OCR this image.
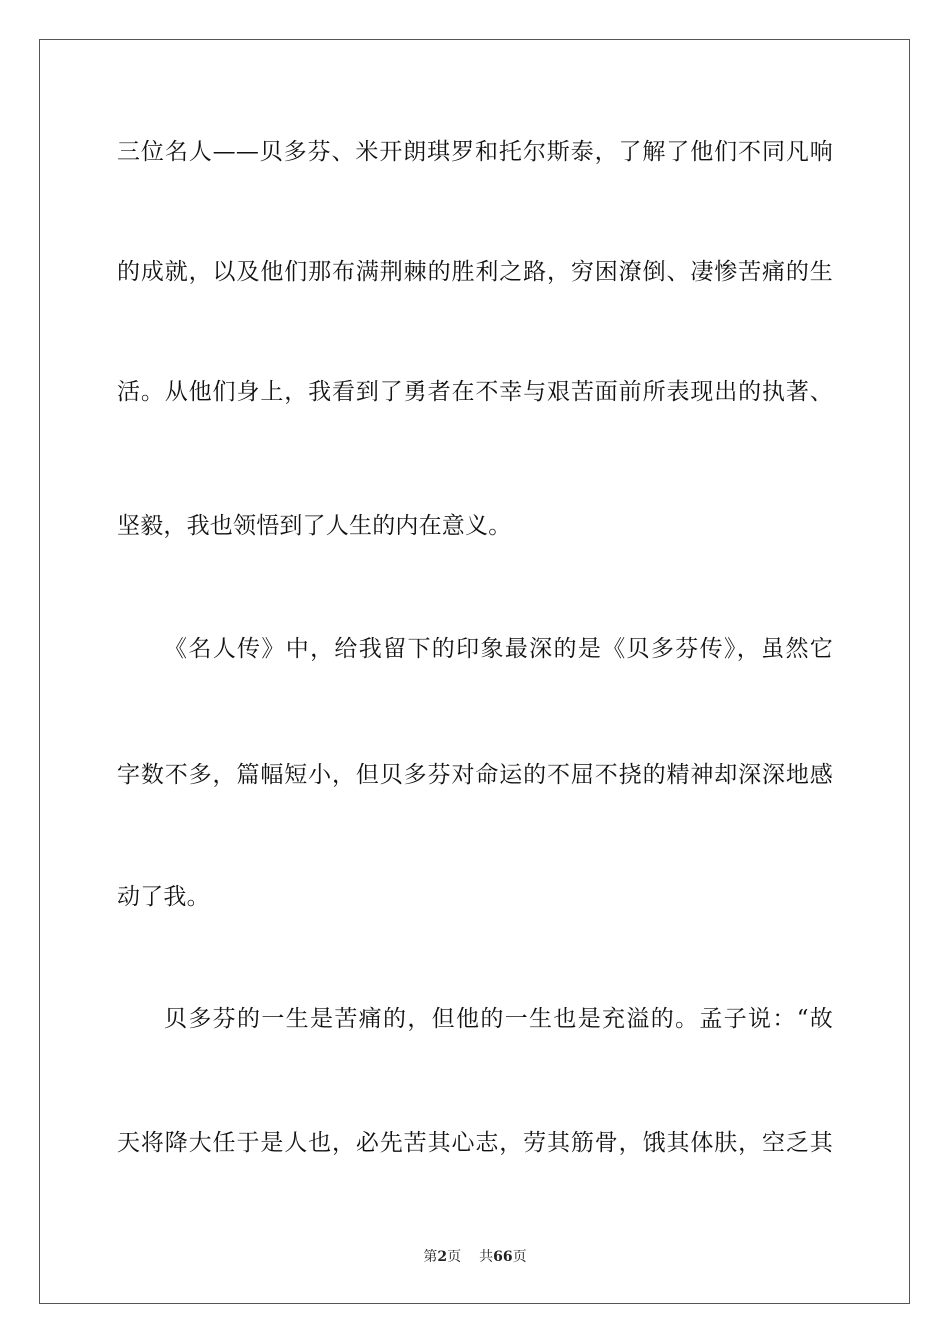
三位名人——贝多芬、米开朗琪罗和托尔斯泰，了解了他们不同凡响
的成就，以及他们那布满荆棘的胜利之路，穷困潦倒、凄惨苦痛的生
活。从他们身上，我看到了勇者在不幸与艰苦面前所表现出的执著、
坚毅，我也领悟到了人生的内在意义。
《名人传》中，给我留下的印象最深的是《贝多芬传》，虽然它
字数不多，篇幅短小，但贝多芬对命运的不屈不挠的精神却深深地感
动了我。
贝多芬的一生是苦痛的，但他的一生也是充溢的。孟子说：“故
天将降大任于是人也，必先苦其心志，劳其筋骨，饿其体肤，空乏其
第2页 共66页
